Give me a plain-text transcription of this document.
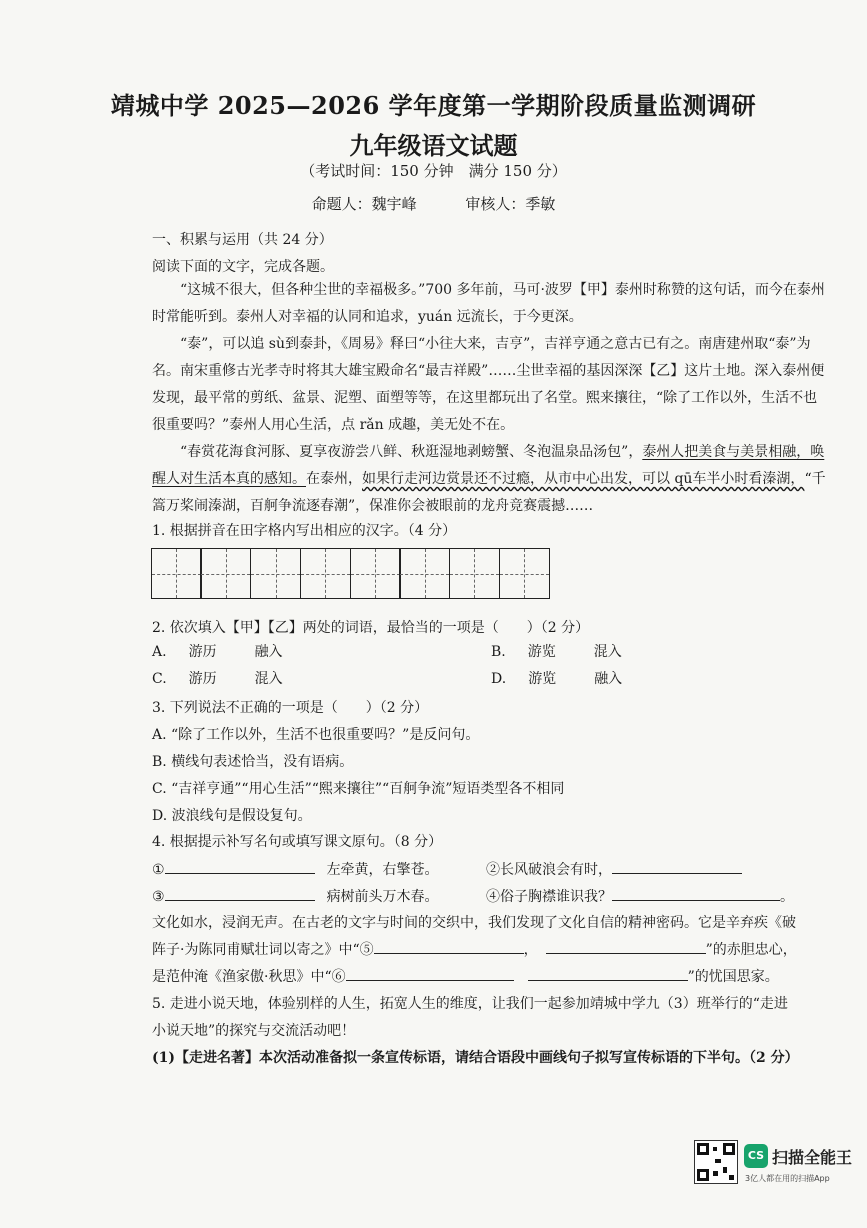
靖城中学 2025—2026 学年度第一学期阶段质量监测调研
九年级语文试题
（考试时间：150 分钟　满分 150 分）
命题人：魏宇峰	审核人：季敏
一、积累与运用（共 24 分）
阅读下面的文字，完成各题。
“这城不很大，但各种尘世的幸福极多。”700 多年前，马可·波罗【甲】泰州时称赞的这句话，而今在泰州时常能听到。泰州人对幸福的认同和追求，yuán 远流长，于今更深。
“泰”，可以追 sù到泰卦，《周易》释曰“小往大来，吉亨”，吉祥亨通之意古已有之。南唐建州取“泰”为名。南宋重修古光孝寺时将其大雄宝殿命名“最吉祥殿”……尘世幸福的基因深深【乙】这片土地。深入泰州便发现，最平常的剪纸、盆景、泥塑、面塑等等，在这里都玩出了名堂。熙来攘往，“除了工作以外，生活不也很重要吗？”泰州人用心生活，点 rǎn 成趣，美无处不在。
“春赏花海食河豚、夏享夜游尝八鲜、秋逛湿地剥螃蟹、冬泡温泉品汤包”，泰州人把美食与美景相融，唤醒人对生活本真的感知。在泰州，如果行走河边赏景还不过瘾，从市中心出发，可以 qū车半小时看溱湖，“千篙万桨闹溱湖，百舸争流逐春潮”，保准你会被眼前的龙舟竞赛震撼……
1. 根据拼音在田字格内写出相应的汉字。（4 分）
2. 依次填入【甲】【乙】两处的词语，最恰当的一项是（　　）（2 分）
A. 游历	融入	B. 游览	混入
C. 游历	混入	D. 游览	融入
3. 下列说法不正确的一项是（　　）（2 分）
A. “除了工作以外，生活不也很重要吗？”是反问句。
B. 横线句表述恰当，没有语病。
C. “吉祥亨通”“用心生活”“熙来攘往”“百舸争流”短语类型各不相同
D. 波浪线句是假设复句。
4. 根据提示补写名句或填写课文原句。（8 分）
①	左牵黄，右擎苍。	②长风破浪会有时，
③	病树前头万木春。	④俗子胸襟谁识我？	。
文化如水，浸润无声。在古老的文字与时间的交织中，我们发现了文化自信的精神密码。它是辛弃疾《破
阵子·为陈同甫赋壮词以寄之》中“⑤	，	”的赤胆忠心，
是范仲淹《渔家傲·秋思》中“⑥	”的忧国思家。
5. 走进小说天地，体验别样的人生，拓宽人生的维度，让我们一起参加靖城中学九（3）班举行的“走进
小说天地”的探究与交流活动吧！
(1)【走进名著】本次活动准备拟一条宣传标语，请结合语段中画线句子拟写宣传标语的下半句。（2 分）
CS 扫描全能王
3亿人都在用的扫描App
